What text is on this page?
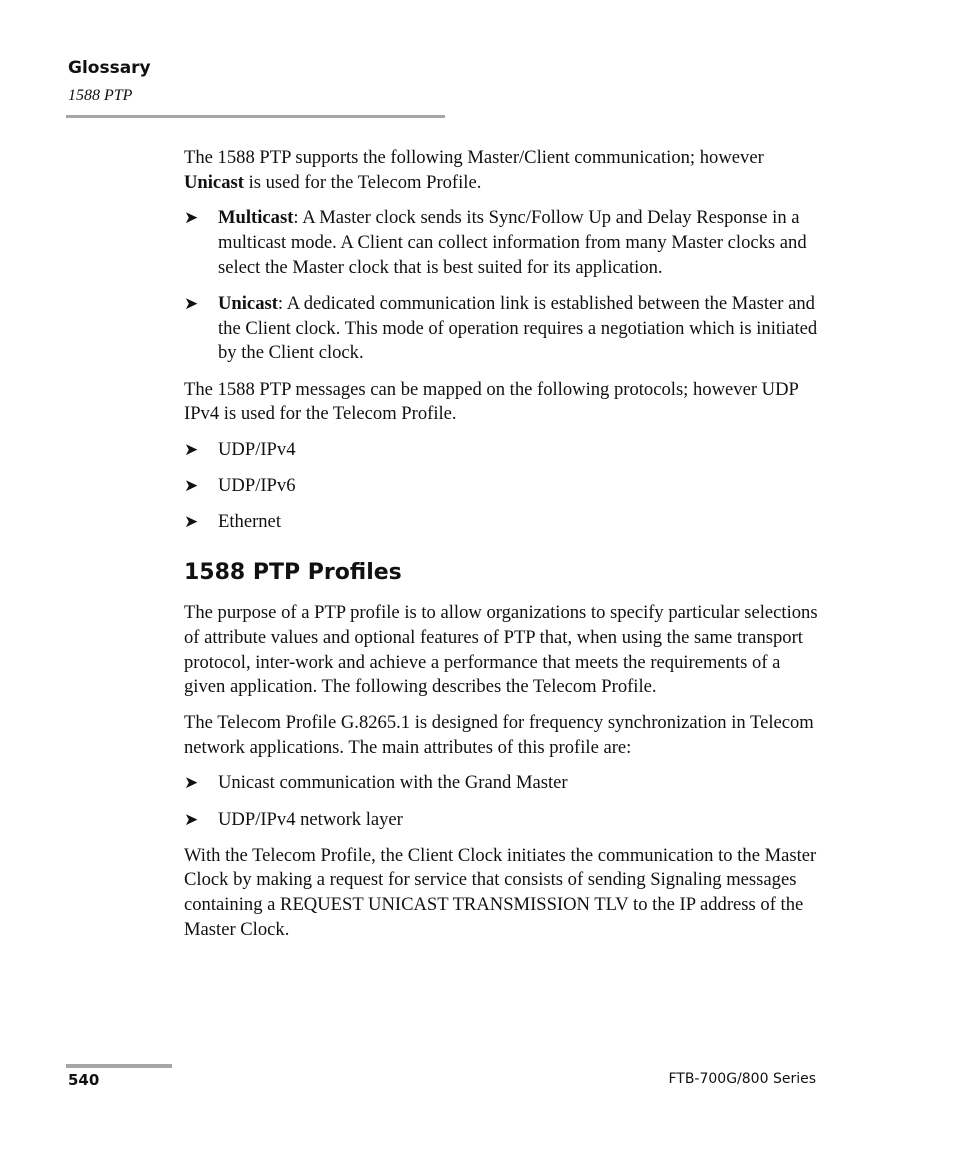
Glossary
1588 PTP

The 1588 PTP supports the following Master/Client communication; however Unicast is used for the Telecom Profile.

➤ Multicast: A Master clock sends its Sync/Follow Up and Delay Response in a multicast mode. A Client can collect information from many Master clocks and select the Master clock that is best suited for its application.
➤ Unicast: A dedicated communication link is established between the Master and the Client clock. This mode of operation requires a negotiation which is initiated by the Client clock.

The 1588 PTP messages can be mapped on the following protocols; however UDP IPv4 is used for the Telecom Profile.

➤ UDP/IPv4
➤ UDP/IPv6
➤ Ethernet
1588 PTP Profiles

The purpose of a PTP profile is to allow organizations to specify particular selections of attribute values and optional features of PTP that, when using the same transport protocol, inter-work and achieve a performance that meets the requirements of a given application. The following describes the Telecom Profile.

The Telecom Profile G.8265.1 is designed for frequency synchronization in Telecom network applications. The main attributes of this profile are:

➤ Unicast communication with the Grand Master
➤ UDP/IPv4 network layer

With the Telecom Profile, the Client Clock initiates the communication to the Master Clock by making a request for service that consists of sending Signaling messages containing a REQUEST UNICAST TRANSMISSION TLV to the IP address of the Master Clock.

540	FTB-700G/800 Series
